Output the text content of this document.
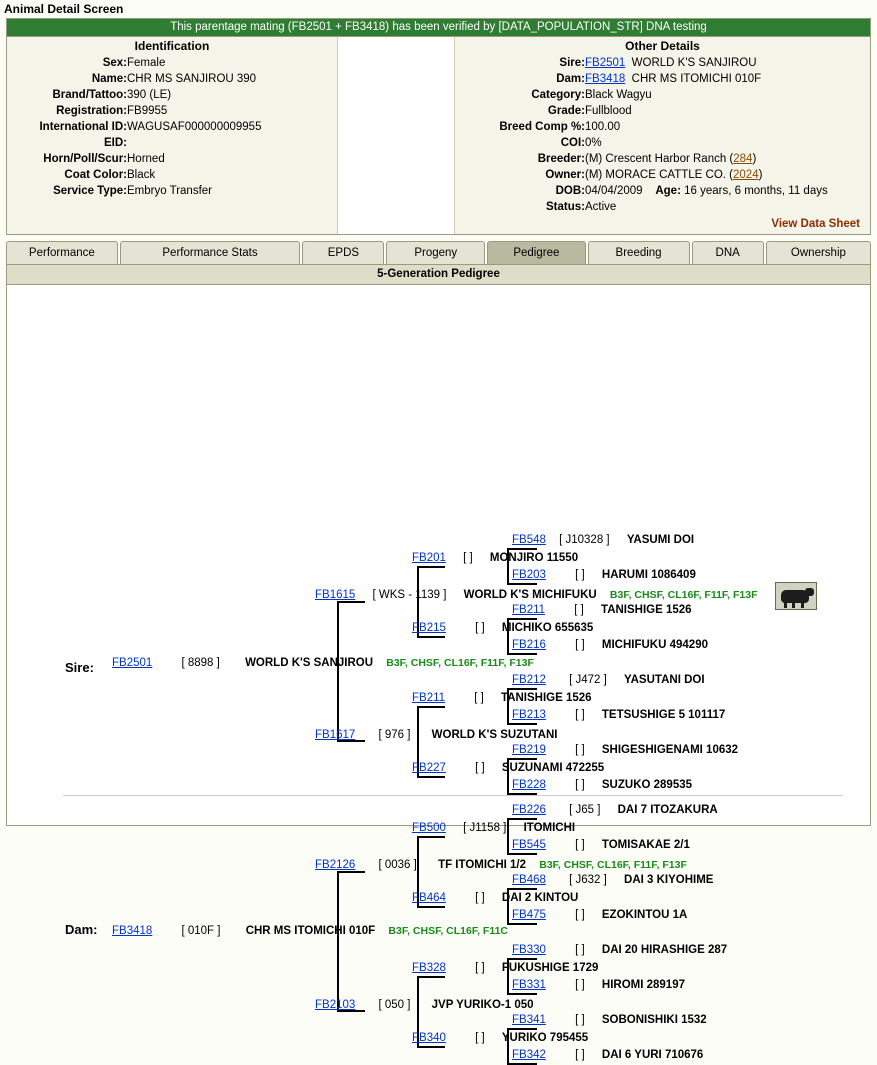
Animal Detail Screen
This parentage mating (FB2501 + FB3418) has been verified by [DATA_POPULATION_STR] DNA testing
Identification
Sex:	Female
Name:	CHR MS SANJIROU 390
Brand/Tattoo:	390 (LE)
Registration:	FB9955
International ID:	WAGUSAF000000009955
EID:	
Horn/Poll/Scur:	Horned
Coat Color:	Black
Service Type:	Embryo Transfer
Other Details
Sire:	FB2501 WORLD K'S SANJIROU
Dam:	FB3418 CHR MS ITOMICHI 010F
Category:	Black Wagyu
Grade:	Fullblood
Breed Comp %:	100.00
COI:	0%
Breeder:	(M) Crescent Harbor Ranch (284)
Owner:	(M) MORACE CATTLE CO. (2024)
DOB:	04/04/2009 Age: 16 years, 6 months, 11 days
Status:	Active
View Data Sheet
Performance	Performance Stats	EPDS	Progeny	Pedigree	Breeding	DNA	Ownership
5-Generation Pedigree
Sire:
Dam:
FB548 [ J10328 ] YASUMI DOI
FB201 [ ] MONJIRO 11550
FB203	[ ] HARUMI 1086409
FB1615 [ WKS - 1139 ] WORLD K'S MICHIFUKU B3F, CHSF, CL16F, F11F, F13F
FB211	[ ] TANISHIGE 1526
FB215	[ ] MICHIKO 655635
FB216	[ ] MICHIFUKU 494290
FB2501	[ 8898 ] WORLD K'S SANJIROU B3F, CHSF, CL16F, F11F, F13F
FB212 [ J472 ] YASUTANI DOI
FB211	[ ] TANISHIGE 1526
FB213	[ ] TETSUSHIGE 5 101117
FB1617 [ 976 ] WORLD K'S SUZUTANI
FB219	[ ] SHIGESHIGENAMI 10632
FB227	[ ] SUZUNAMI 472255
FB228	[ ] SUZUKO 289535
FB226 [ J65 ] DAI 7 ITOZAKURA
FB500 [ J1158 ] ITOMICHI
FB545	[ ] TOMISAKAE 2/1
FB2126 [ 0036 ] TF ITOMICHI 1/2 B3F, CHSF, CL16F, F11F, F13F
FB468 [ J632 ] DAI 3 KIYOHIME
FB464	[ ] DAI 2 KINTOU
FB475	[ ] EZOKINTOU 1A
FB3418	[ 010F ] CHR MS ITOMICHI 010F B3F, CHSF, CL16F, F11C
FB330	[ ] DAI 20 HIRASHIGE 287
FB328	[ ] FUKUSHIGE 1729
FB331	[ ] HIROMI 289197
FB2103 [ 050 ] JVP YURIKO-1 050
FB341	[ ] SOBONISHIKI 1532
FB340	[ ] YURIKO 795455
FB342	[ ] DAI 6 YURI 710676
